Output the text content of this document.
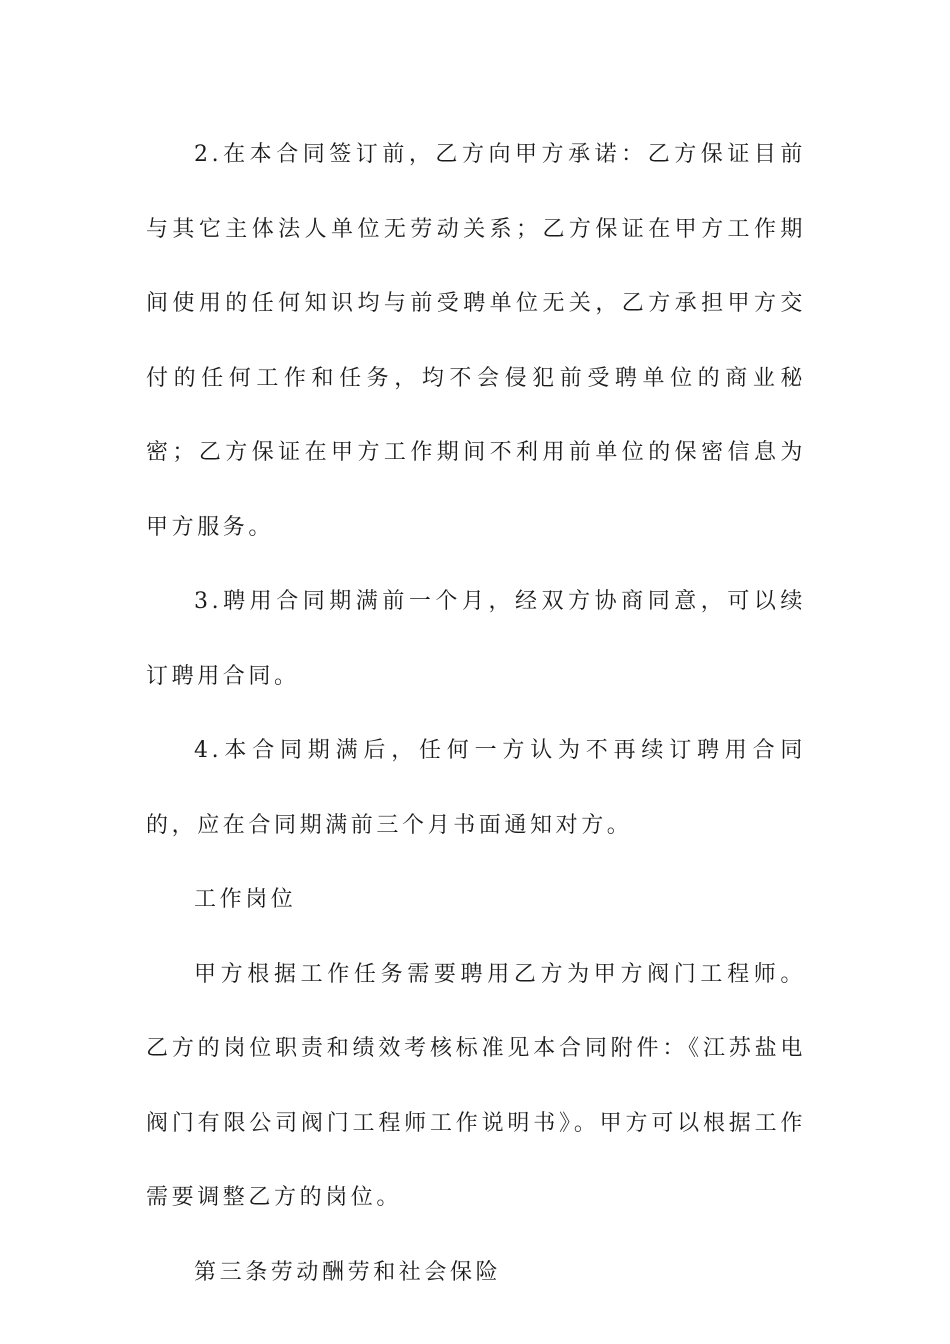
2.在本合同签订前，乙方向甲方承诺：乙方保证目前与其它主体法人单位无劳动关系；乙方保证在甲方工作期间使用的任何知识均与前受聘单位无关，乙方承担甲方交付的任何工作和任务，均不会侵犯前受聘单位的商业秘密；乙方保证在甲方工作期间不利用前单位的保密信息为甲方服务。

3.聘用合同期满前一个月，经双方协商同意，可以续订聘用合同。

4.本合同期满后，任何一方认为不再续订聘用合同的，应在合同期满前三个月书面通知对方。

工作岗位

甲方根据工作任务需要聘用乙方为甲方阀门工程师。乙方的岗位职责和绩效考核标准见本合同附件：《江苏盐电阀门有限公司阀门工程师工作说明书》。甲方可以根据工作需要调整乙方的岗位。

第三条劳动酬劳和社会保险
